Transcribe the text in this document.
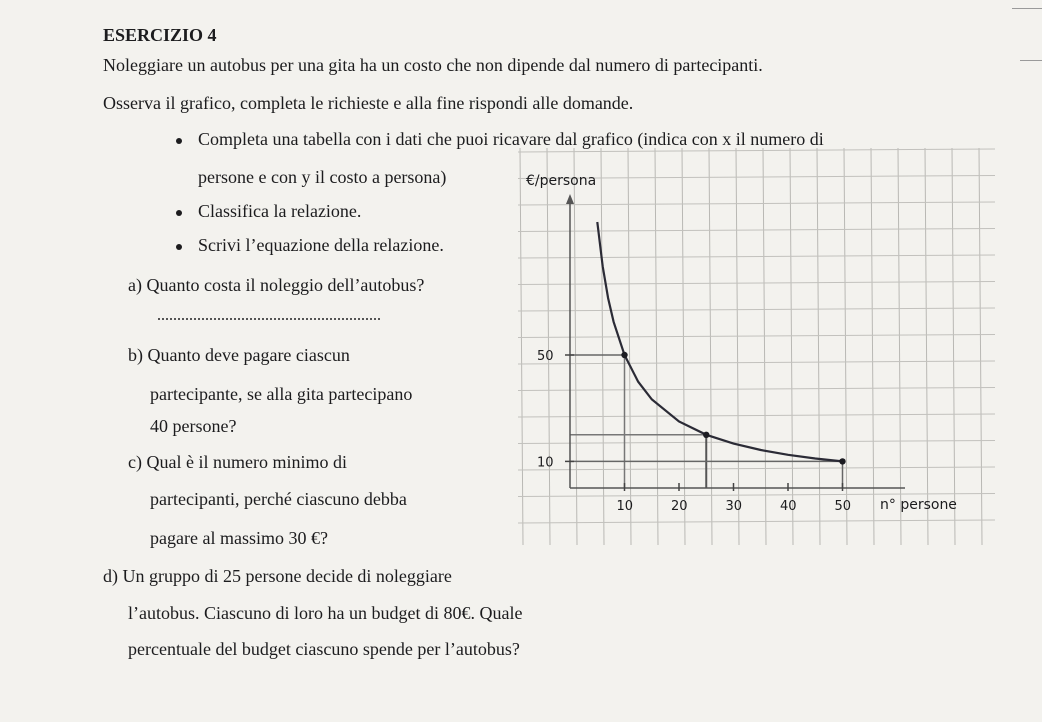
ESERCIZIO 4
Noleggiare un autobus per una gita ha un costo che non dipende dal numero di partecipanti.
Osserva il grafico, completa le richieste e alla fine rispondi alle domande.
Completa una tabella con i dati che puoi ricavare dal grafico (indica con x il numero di
persone e con y il costo a persona)
Classifica la relazione.
Scrivi l’equazione della relazione.
a) Quanto costa il noleggio dell’autobus?
b) Quanto deve pagare ciascun
partecipante, se alla gita partecipano
40 persone?
c) Qual è il numero minimo di
partecipanti, perché ciascuno debba
pagare al massimo 30 €?
d) Un gruppo di 25 persone decide di noleggiare
l’autobus. Ciascuno di loro ha un budget di 80€. Quale
percentuale del budget ciascuno spende per l’autobus?
10	20	30	40	50
10
50
€/persona
n° persone
